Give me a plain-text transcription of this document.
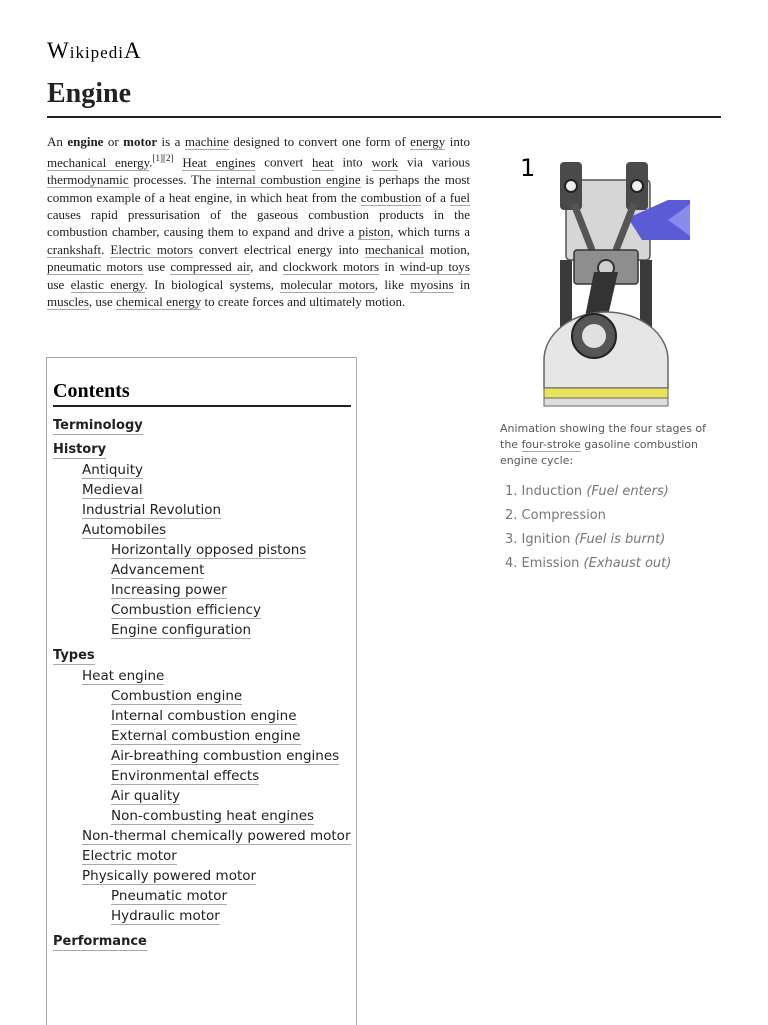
WikipediA
Engine

An engine or motor is a machine designed to convert one form of energy into mechanical energy.[1][2] Heat engines convert heat into work via various thermodynamic processes. The internal combustion engine is perhaps the most common example of a heat engine, in which heat from the combustion of a fuel causes rapid pressurisation of the gaseous combustion products in the combustion chamber, causing them to expand and drive a piston, which turns a crankshaft. Electric motors convert electrical energy into mechanical motion, pneumatic motors use compressed air, and clockwork motors in wind-up toys use elastic energy. In biological systems, molecular motors, like myosins in muscles, use chemical energy to create forces and ultimately motion.

1
Animation showing the four stages of the four-stroke gasoline combustion engine cycle:
1. Induction (Fuel enters)
2. Compression
3. Ignition (Fuel is burnt)
4. Emission (Exhaust out)
Contents
Terminology
History
Antiquity
Medieval
Industrial Revolution
Automobiles
Horizontally opposed pistons
Advancement
Increasing power
Combustion efficiency
Engine configuration
Types
Heat engine
Combustion engine
Internal combustion engine
External combustion engine
Air-breathing combustion engines
Environmental effects
Air quality
Non-combusting heat engines
Non-thermal chemically powered motor
Electric motor
Physically powered motor
Pneumatic motor
Hydraulic motor
Performance
